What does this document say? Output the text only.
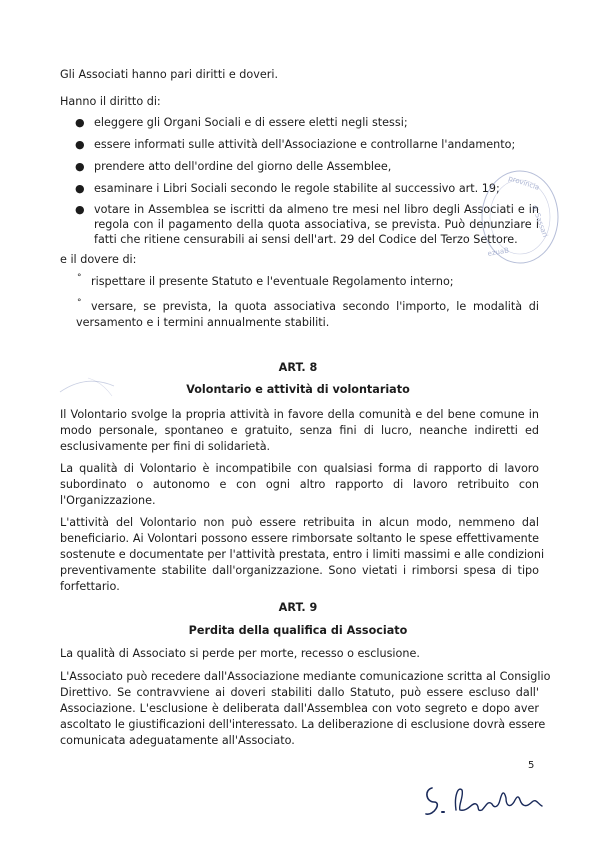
Gli Associati hanno pari diritti e doveri.
Hanno il diritto di:
● eleggere gli Organi Sociali e di essere eletti negli stessi;
● essere informati sulle attività dell'Associazione e controllarne l'andamento;
● prendere atto dell'ordine del giorno delle Assemblee,
● esaminare i Libri Sociali secondo le regole stabilite al successivo art. 19;
● votare in Assemblea se iscritti da almeno tre mesi nel libro degli Associati e in
regola con il pagamento della quota associativa, se prevista. Può denunziare i
fatti che ritiene censurabili ai sensi dell'art. 29 del Codice del Terzo Settore.
e il dovere di:
° rispettare il presente Statuto e l'eventuale Regolamento interno;
° versare, se prevista, la quota associativa secondo l'importo, le modalità di
versamento e i termini annualmente stabiliti.
ART. 8
Volontario e attività di volontariato
Il Volontario svolge la propria attività in favore della comunità e del bene comune in
modo personale, spontaneo e gratuito, senza fini di lucro, neanche indiretti ed
esclusivamente per fini di solidarietà.
La qualità di Volontario è incompatibile con qualsiasi forma di rapporto di lavoro
subordinato o autonomo e con ogni altro rapporto di lavoro retribuito con
l'Organizzazione.
L'attività del Volontario non può essere retribuita in alcun modo, nemmeno dal
beneficiario. Ai Volontari possono essere rimborsate soltanto le spese effettivamente
sostenute e documentate per l'attività prestata, entro i limiti massimi e alle condizioni
preventivamente stabilite dall'organizzazione. Sono vietati i rimborsi spesa di tipo
forfettario.
ART. 9
Perdita della qualifica di Associato
La qualità di Associato si perde per morte, recesso o esclusione.
L'Associato può recedere dall'Associazione mediante comunicazione scritta al Consiglio
Direttivo. Se contravviene ai doveri stabiliti dallo Statuto, può essere escluso dall'
Associazione. L'esclusione è deliberata dall'Assemblea con voto segreto e dopo aver
ascoltato le giustificazioni dell'interessato. La deliberazione di esclusione dovrà essere
comunicata adeguatamente all'Associato.
5
provincia
di Sassari
ezuaB
